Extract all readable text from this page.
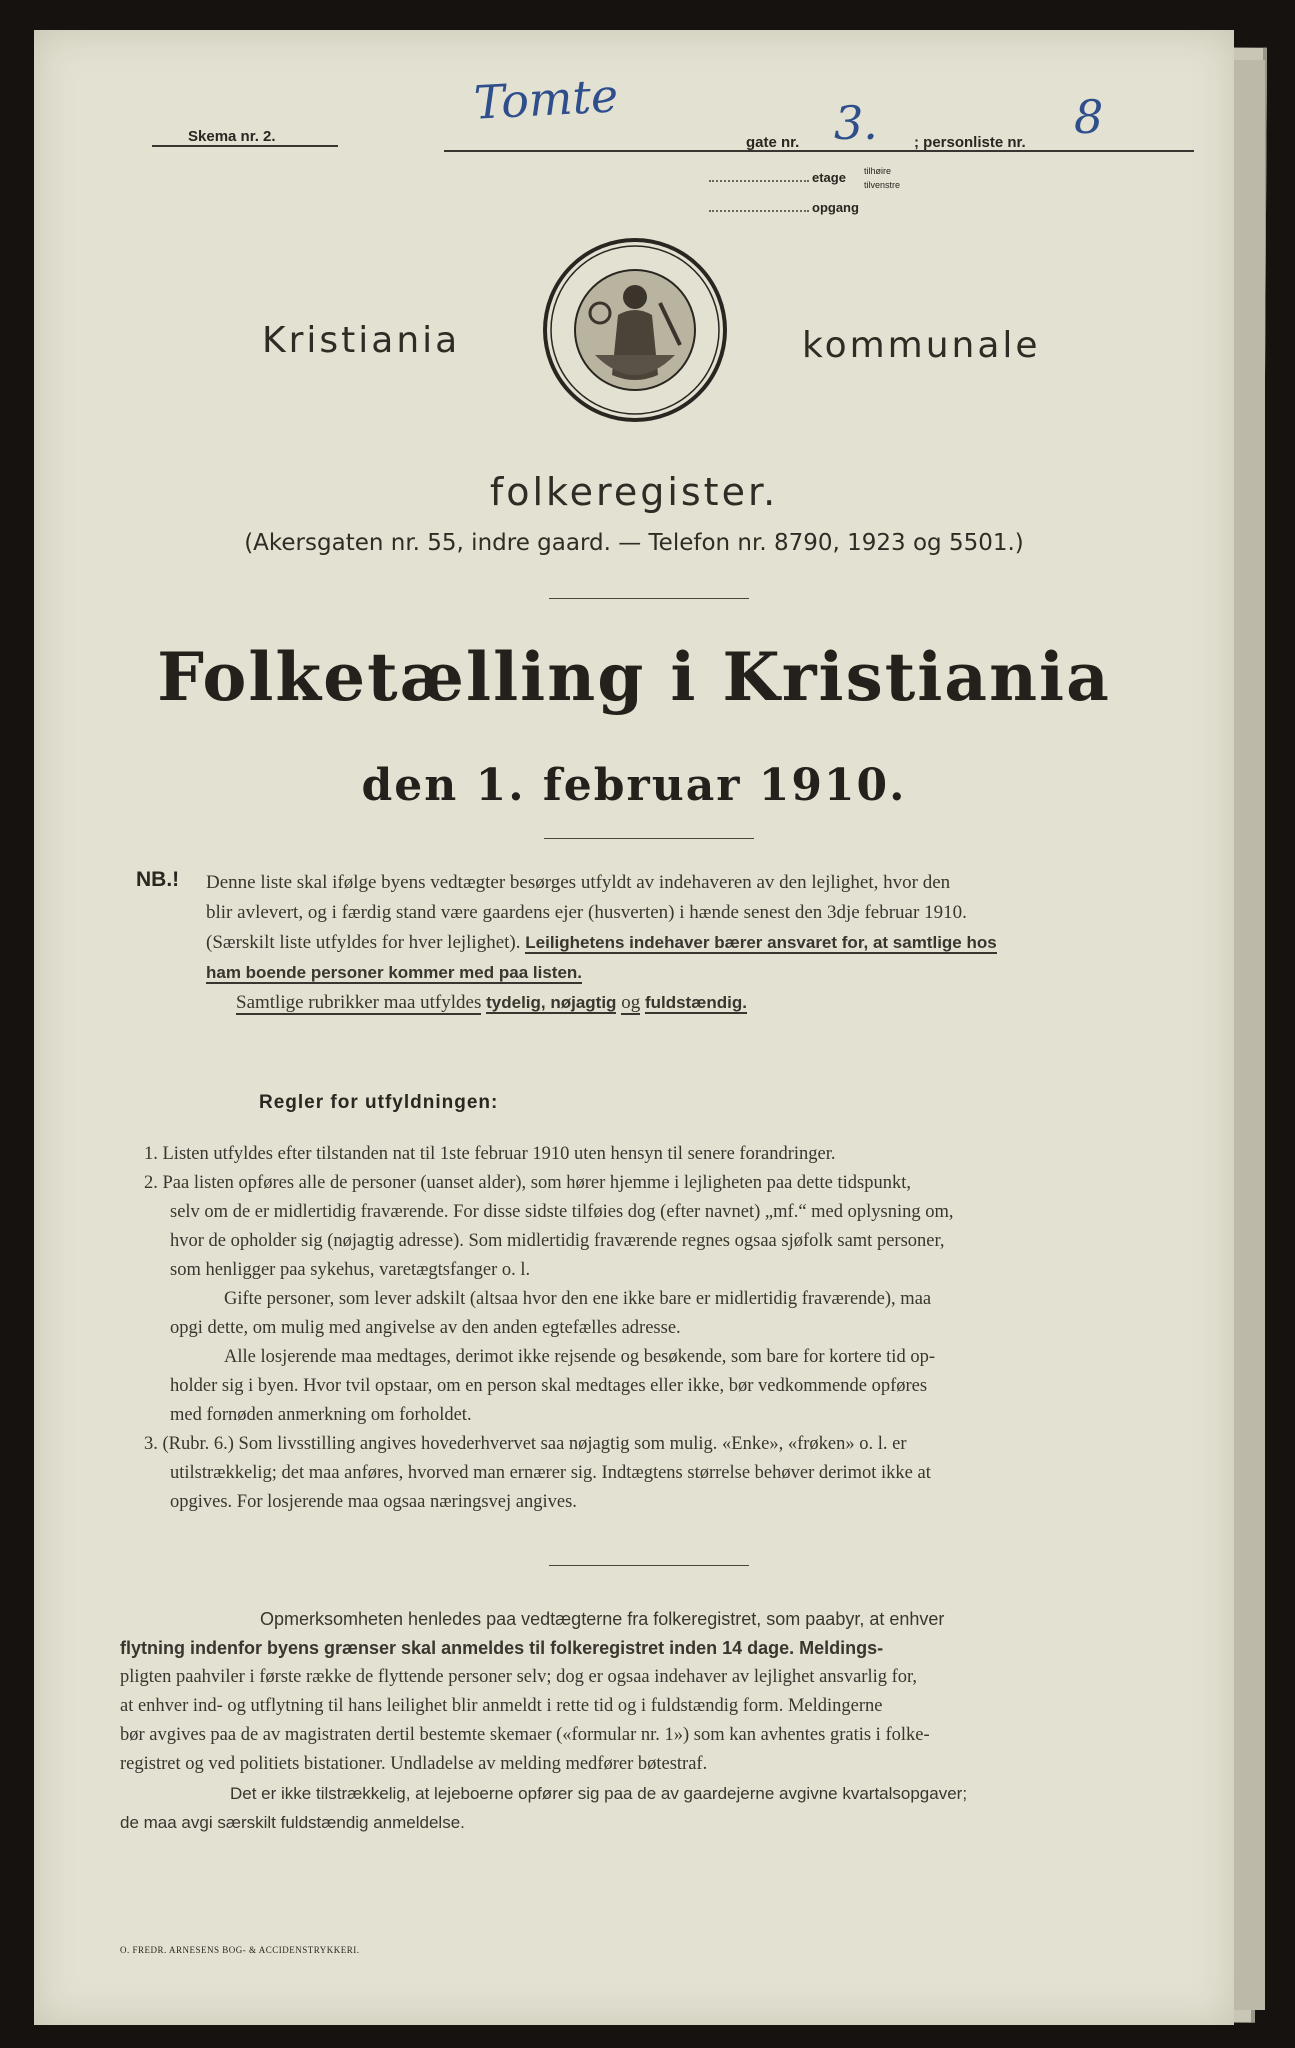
Skema nr. 2.
Tomte
gate nr. 3. ; personliste nr. 8
etage tilhøire
tilvenstre
opgang
Kristiania	kommunale
folkeregister.
(Akersgaten nr. 55, indre gaard. — Telefon nr. 8790, 1923 og 5501.)
Folketælling i Kristiania
den 1. februar 1910.
NB.! Denne liste skal ifølge byens vedtægter besørges utfyldt av indehaveren av den lejlighet, hvor den
blir avlevert, og i færdig stand være gaardens ejer (husverten) i hænde senest den 3dje februar 1910.
(Særskilt liste utfyldes for hver lejlighet). Leilighetens indehaver bærer ansvaret for, at samtlige hos
ham boende personer kommer med paa listen.
Samtlige rubrikker maa utfyldes tydelig, nøjagtig og fuldstændig.
Regler for utfyldningen:
1. Listen utfyldes efter tilstanden nat til 1ste februar 1910 uten hensyn til senere forandringer.
2. Paa listen opføres alle de personer (uanset alder), som hører hjemme i lejligheten paa dette tidspunkt,
selv om de er midlertidig fraværende. For disse sidste tilføies dog (efter navnet) „mf.“ med oplysning om,
hvor de opholder sig (nøjagtig adresse). Som midlertidig fraværende regnes ogsaa sjøfolk samt personer,
som henligger paa sykehus, varetægtsfanger o. l.
Gifte personer, som lever adskilt (altsaa hvor den ene ikke bare er midlertidig fraværende), maa
opgi dette, om mulig med angivelse av den anden egtefælles adresse.
Alle losjerende maa medtages, derimot ikke rejsende og besøkende, som bare for kortere tid op-
holder sig i byen. Hvor tvil opstaar, om en person skal medtages eller ikke, bør vedkommende opføres
med fornøden anmerkning om forholdet.
3. (Rubr. 6.) Som livsstilling angives hovederhvervet saa nøjagtig som mulig. «Enke», «frøken» o. l. er
utilstrækkelig; det maa anføres, hvorved man ernærer sig. Indtægtens størrelse behøver derimot ikke at
opgives. For losjerende maa ogsaa næringsvej angives.
Opmerksomheten henledes paa vedtægterne fra folkeregistret, som paabyr, at enhver
flytning indenfor byens grænser skal anmeldes til folkeregistret inden 14 dage. Meldings-
pligten paahviler i første række de flyttende personer selv; dog er ogsaa indehaver av lejlighet ansvarlig for,
at enhver ind- og utflytning til hans leilighet blir anmeldt i rette tid og i fuldstændig form. Meldingerne
bør avgives paa de av magistraten dertil bestemte skemaer («formular nr. 1») som kan avhentes gratis i folke-
registret og ved politiets bistationer. Undladelse av melding medfører bøtestraf.
Det er ikke tilstrækkelig, at lejeboerne opfører sig paa de av gaardejerne avgivne kvartalsopgaver;
de maa avgi særskilt fuldstændig anmeldelse.
O. FREDR. ARNESENS BOG- & ACCIDENSTRYKKERI.
